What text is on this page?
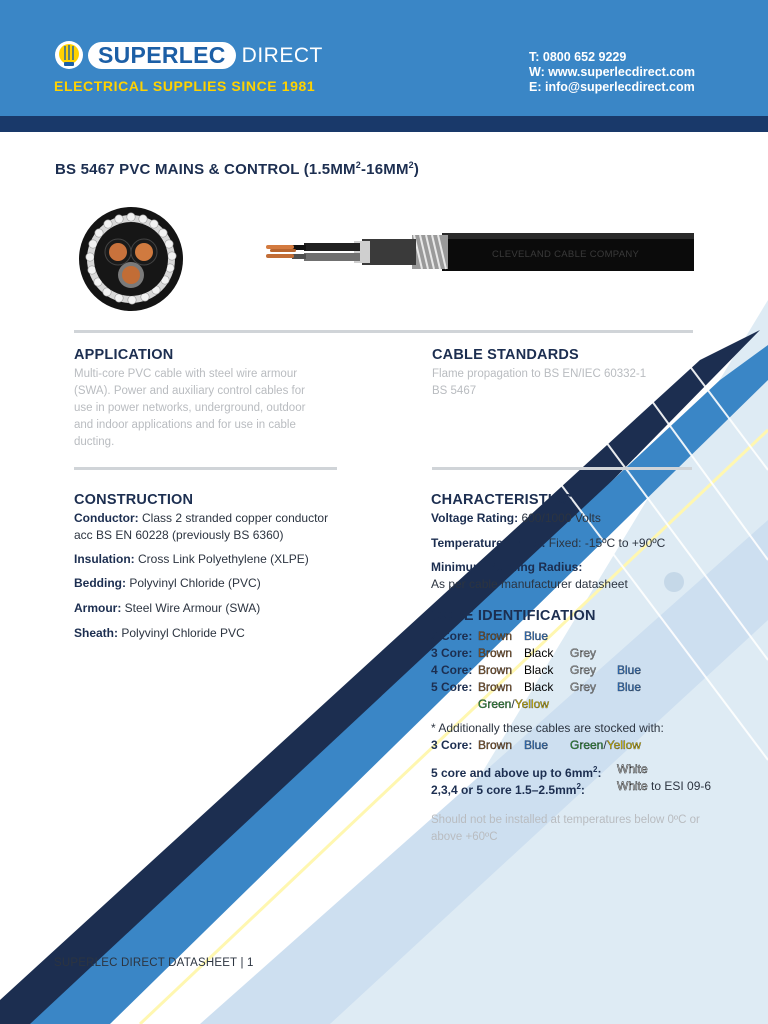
SUPERLEC DIRECT
ELECTRICAL SUPPLIES SINCE 1981
T: 0800 652 9229
W: www.superlecdirect.com
E: info@superlecdirect.com
BS 5467 PVC MAINS & CONTROL $(1.5MM^2-16MM^2)$
CLEVELAND CABLE COMPANY
APPLICATION
Multi-core PVC cable with steel wire armour
(SWA). Power and auxiliary control cables for
use in power networks, underground, outdoor
and indoor applications and for use in cable
ducting.
CABLE STANDARDS
Flame propagation to BS EN/IEC 60332-1
BS 5467
CONSTRUCTION
Conductor: Class 2 stranded copper conductor
acc BS EN 60228 (previously BS 6360)
Insulation: Cross Link Polyethylene (XLPE)
Bedding: Polyvinyl Chloride (PVC)
Armour: Steel Wire Armour (SWA)
Sheath: Polyvinyl Chloride PVC
CHARACTERISTICS
Voltage Rating: 600/1000 Volts
Temperature Limits: Fixed: -15ºC to +90ºC
Minimum Bending Radius:
As per cable manufacturer datasheet
CORE IDENTIFICATION
2 Core: Brown Blue
3 Core: Brown Black Grey
4 Core: Brown Black Grey Blue
5 Core: Brown Black Grey Blue
Green/Yellow
* Additionally these cables are stocked with:
3 Core: Brown Blue Green/Yellow
5 core and above up to $6mm^2$: White
2,3,4 or 5 core $1.5-2.5mm^2$:	White to ESI 09-6
Should not be installed at temperatures below 0ºC or
above +60ºC
SUPERLEC DIRECT DATASHEET | 1
